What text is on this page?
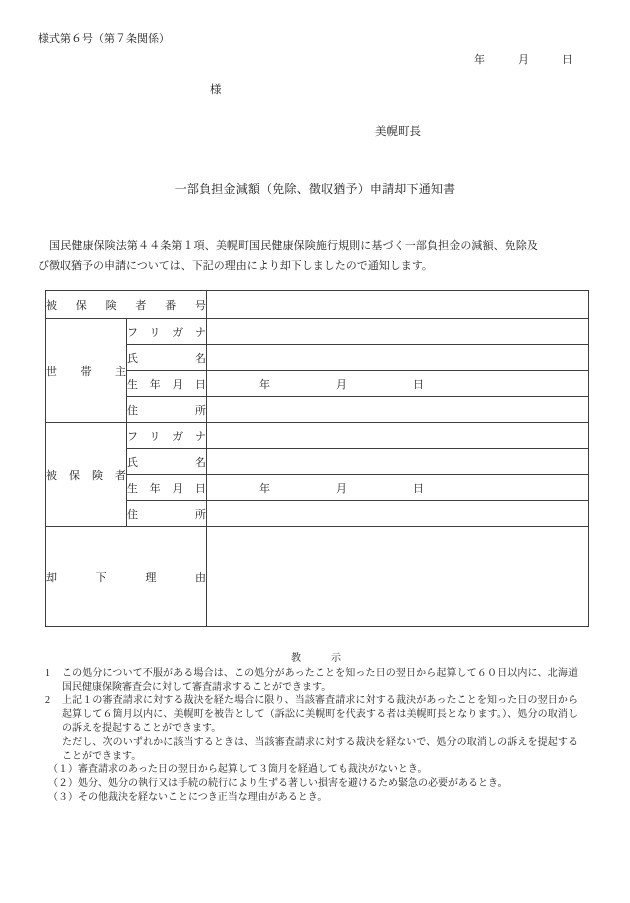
様式第６号（第７条関係）
年　　　月　　　日
様
美幌町長
一部負担金減額（免除、徴収猶予）申請却下通知書

　国民健康保険法第４４条第１項、美幌町国民健康保険施行規則に基づく一部負担金の減額、免除及び徴収猶予の申請については、下記の理由により却下しましたので通知します。

被保険者番号		
世帯主	フリガナ	
	氏名	
	生年月日	年　　　　　　月　　　　　　日
	住所	
被保険者	フリガナ	
	氏名	
	生年月日	年　　　　　　月　　　　　　日
	住所	
却下理由		
教　　　示
1	この処分について不服がある場合は、この処分があったことを知った日の翌日から起算して６０日以内に、北海道国民健康保険審査会に対して審査請求することができます。
2	上記１の審査請求に対する裁決を経た場合に限り、当該審査請求に対する裁決があったことを知った日の翌日から起算して６箇月以内に、美幌町を被告として（訴訟に美幌町を代表する者は美幌町長となります。）、処分の取消しの訴えを提起することができます。
ただし、次のいずれかに該当するときは、当該審査請求に対する裁決を経ないで、処分の取消しの訴えを提起することができます。
（１）審査請求のあった日の翌日から起算して３箇月を経過しても裁決がないとき。
（２）処分、処分の執行又は手続の続行により生ずる著しい損害を避けるため緊急の必要があるとき。
（３）その他裁決を経ないことにつき正当な理由があるとき。
